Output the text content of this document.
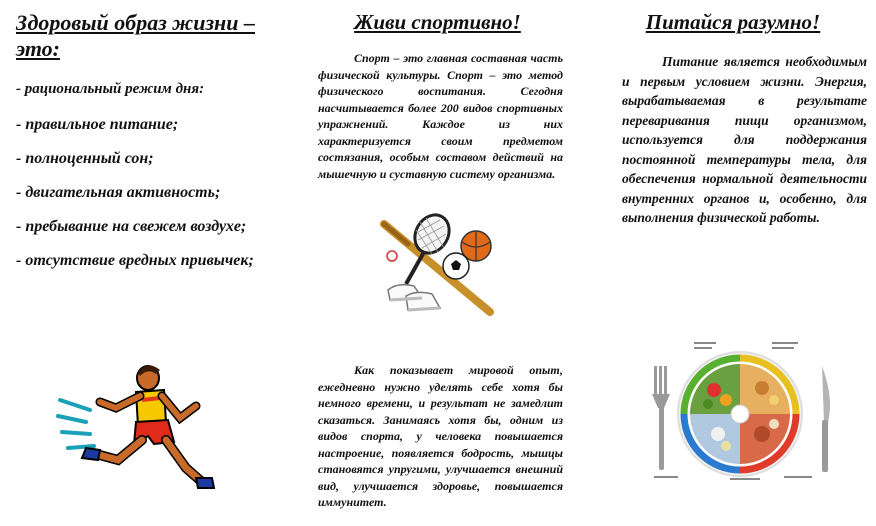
Здоровый образ жизни – это:
- рациональный режим дня:
- правильное питание;
- полноценный сон;
- двигательная активность;
- пребывание на свежем воздухе;
- отсутствие вредных привычек;
Живи спортивно!

Спорт – это главная составная часть физической культуры. Спорт – это метод физического воспитания. Сегодня насчитывается более 200 видов спортивных упражнений. Каждое из них характеризуется своим предметом состязания, особым составом действий на мышечную и суставную систему организма.

Как показывает мировой опыт, ежедневно нужно уделять себе хотя бы немного времени, и результат не замедлит сказаться. Занимаясь хотя бы, одним из видов спорта, у человека повышается настроение, появляется бодрость, мышцы становятся упругими, улучшается внешний вид, улучшается здоровье, повышается иммунитет.

Питайся разумно!

Питание является необходимым и первым условием жизни. Энергия, вырабатываемая в результате переваривания пищи организмом, используется для поддержания постоянной температуры тела, для обеспечения нормальной деятельности внутренних органов и, особенно, для выполнения физической работы.
